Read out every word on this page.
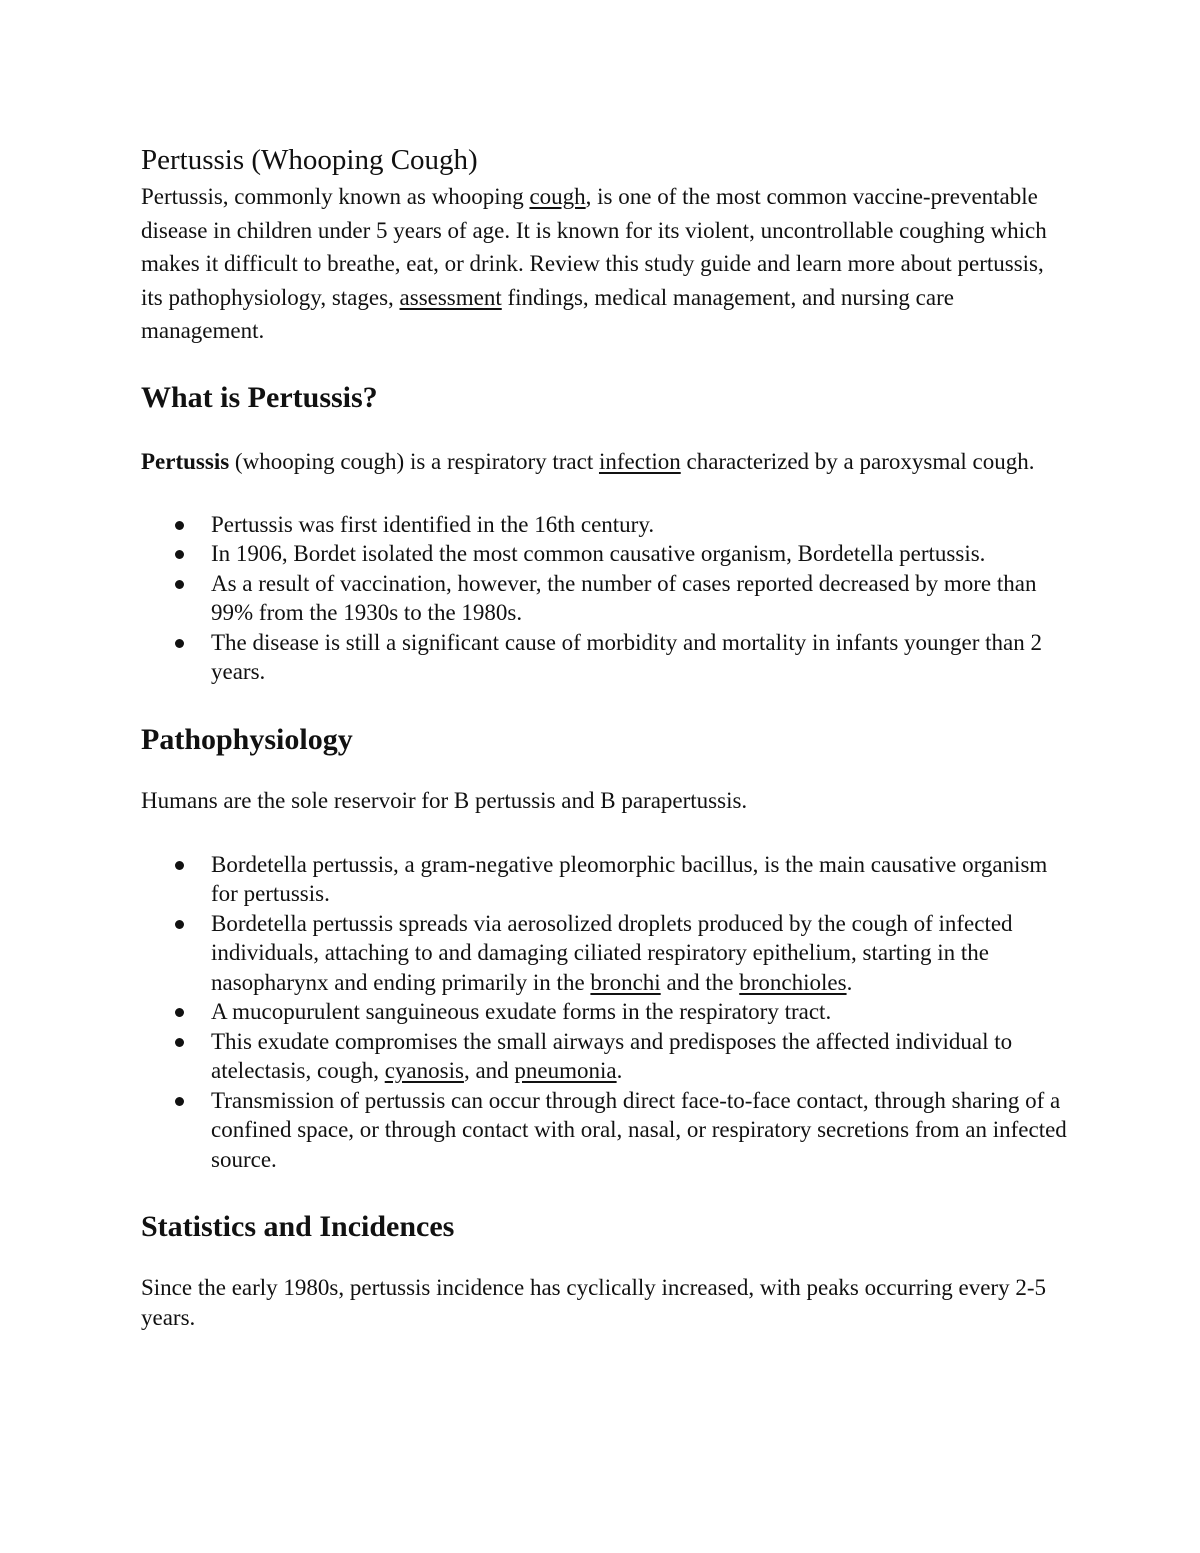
Pertussis (Whooping Cough)

Pertussis, commonly known as whooping cough, is one of the most common vaccine-preventable disease in children under 5 years of age. It is known for its violent, uncontrollable coughing which makes it difficult to breathe, eat, or drink. Review this study guide and learn more about pertussis, its pathophysiology, stages, assessment findings, medical management, and nursing care management.

What is Pertussis?

Pertussis (whooping cough) is a respiratory tract infection characterized by a paroxysmal cough.

Pertussis was first identified in the 16th century.
In 1906, Bordet isolated the most common causative organism, Bordetella pertussis.
As a result of vaccination, however, the number of cases reported decreased by more than 99% from the 1930s to the 1980s.
The disease is still a significant cause of morbidity and mortality in infants younger than 2 years.
Pathophysiology

Humans are the sole reservoir for B pertussis and B parapertussis.

Bordetella pertussis, a gram-negative pleomorphic bacillus, is the main causative organism for pertussis.
Bordetella pertussis spreads via aerosolized droplets produced by the cough of infected individuals, attaching to and damaging ciliated respiratory epithelium, starting in the nasopharynx and ending primarily in the bronchi and the bronchioles.
A mucopurulent sanguineous exudate forms in the respiratory tract.
This exudate compromises the small airways and predisposes the affected individual to atelectasis, cough, cyanosis, and pneumonia.
Transmission of pertussis can occur through direct face-to-face contact, through sharing of a confined space, or through contact with oral, nasal, or respiratory secretions from an infected source.
Statistics and Incidences

Since the early 1980s, pertussis incidence has cyclically increased, with peaks occurring every 2-5 years.
